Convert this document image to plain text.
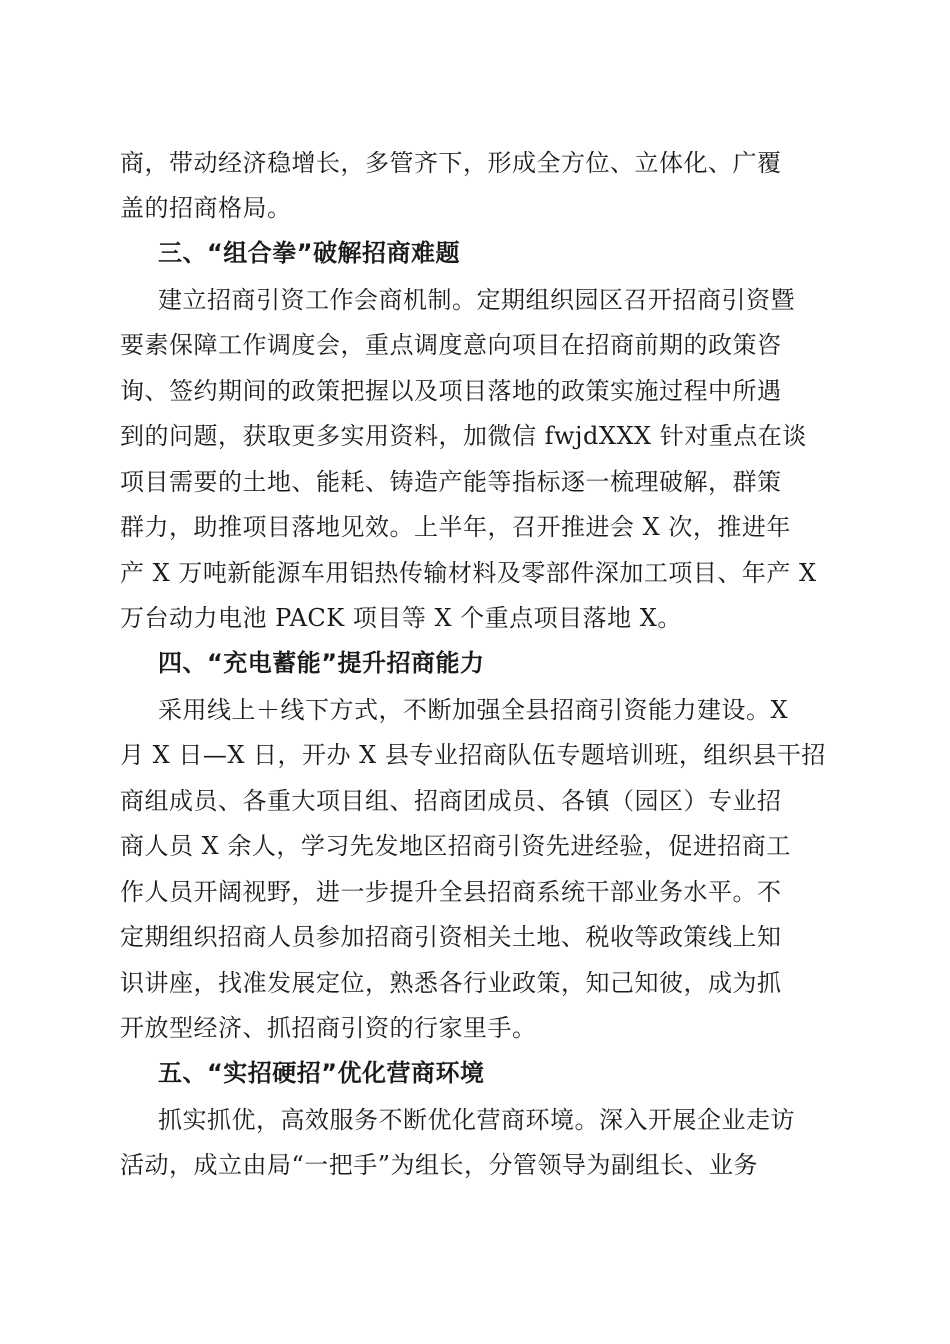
商，带动经济稳增长，多管齐下，形成全方位、立体化、广覆
盖的招商格局。
三、“组合拳”破解招商难题
建立招商引资工作会商机制。定期组织园区召开招商引资暨
要素保障工作调度会，重点调度意向项目在招商前期的政策咨
询、签约期间的政策把握以及项目落地的政策实施过程中所遇
到的问题，获取更多实用资料，加微信 fwjdXXX 针对重点在谈
项目需要的土地、能耗、铸造产能等指标逐一梳理破解，群策
群力，助推项目落地见效。上半年，召开推进会 X 次，推进年
产 X 万吨新能源车用铝热传输材料及零部件深加工项目、年产 X
万台动力电池 PACK 项目等 X 个重点项目落地 X。
四、“充电蓄能”提升招商能力
采用线上＋线下方式，不断加强全县招商引资能力建设。X
月 X 日—X 日，开办 X 县专业招商队伍专题培训班，组织县干招
商组成员、各重大项目组、招商团成员、各镇（园区）专业招
商人员 X 余人，学习先发地区招商引资先进经验，促进招商工
作人员开阔视野，进一步提升全县招商系统干部业务水平。不
定期组织招商人员参加招商引资相关土地、税收等政策线上知
识讲座，找准发展定位，熟悉各行业政策，知己知彼，成为抓
开放型经济、抓招商引资的行家里手。
五、“实招硬招”优化营商环境
抓实抓优，高效服务不断优化营商环境。深入开展企业走访
活动，成立由局“一把手”为组长，分管领导为副组长、业务
